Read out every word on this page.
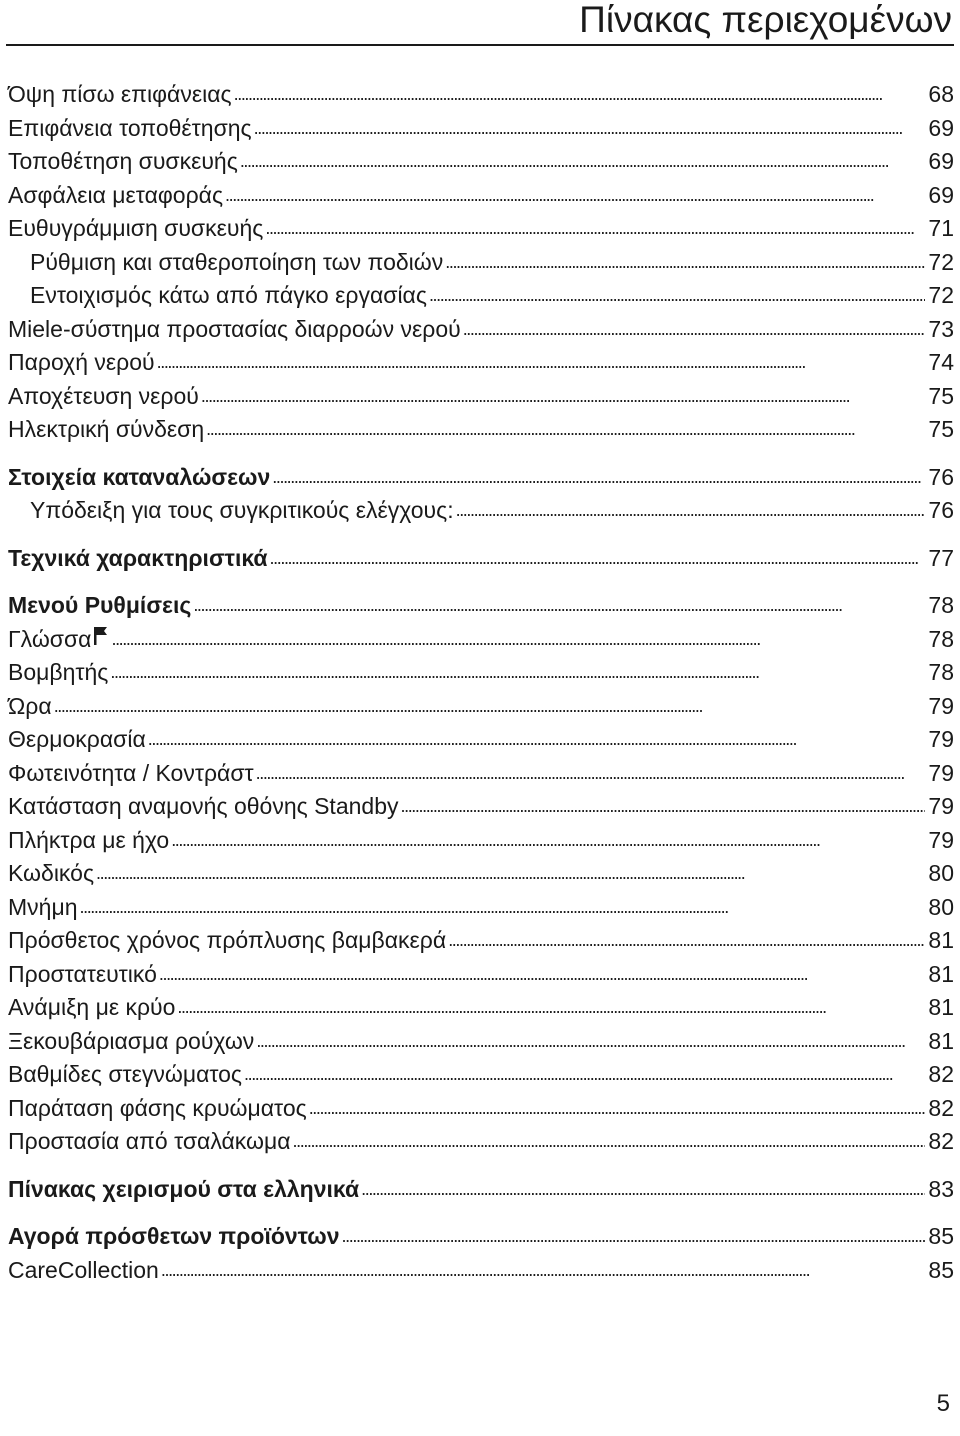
Πίνακας περιεχομένων
Όψη πίσω επιφάνειας . . .	68
Επιφάνεια τοποθέτησης . . .	69
Τοποθέτηση συσκευής . . .	69
Ασφάλεια μεταφοράς . . .	69
Ευθυγράμμιση συσκευής . . .	71
Ρύθμιση και σταθεροποίηση των ποδιών . . .	72
Εντοιχισμός κάτω από πάγκο εργασίας . . .	72
Miele-σύστημα προστασίας διαρροών νερού . . .	73
Παροχή νερού . . .	74
Αποχέτευση νερού . . .	75
Ηλεκτρική σύνδεση . . .	75
Στοιχεία καταναλώσεων . . .	76
Υπόδειξη για τους συγκριτικούς ελέγχους: . . .	76
Τεχνικά χαρακτηριστικά . . .	77
Μενού Ρυθμίσεις . . .	78
Γλώσσα . . .	78
Βομβητής . . .	78
Ώρα . . .	79
Θερμοκρασία . . .	79
Φωτεινότητα / Κοντράστ . . .	79
Κατάσταση αναμονής οθόνης Standby . . .	79
Πλήκτρα με ήχο . . .	79
Κωδικός . . .	80
Μνήμη . . .	80
Πρόσθετος χρόνος πρόπλυσης βαμβακερά . . .	81
Προστατευτικό . . .	81
Ανάμιξη με κρύο . . .	81
Ξεκουβάριασμα ρούχων . . .	81
Βαθμίδες στεγνώματος . . .	82
Παράταση φάσης κρυώματος . . .	82
Προστασία από τσαλάκωμα . . .	82
Πίνακας χειρισμού στα ελληνικά . . .	83
Αγορά πρόσθετων προϊόντων . . .	85
CareCollection . . .	85
5
